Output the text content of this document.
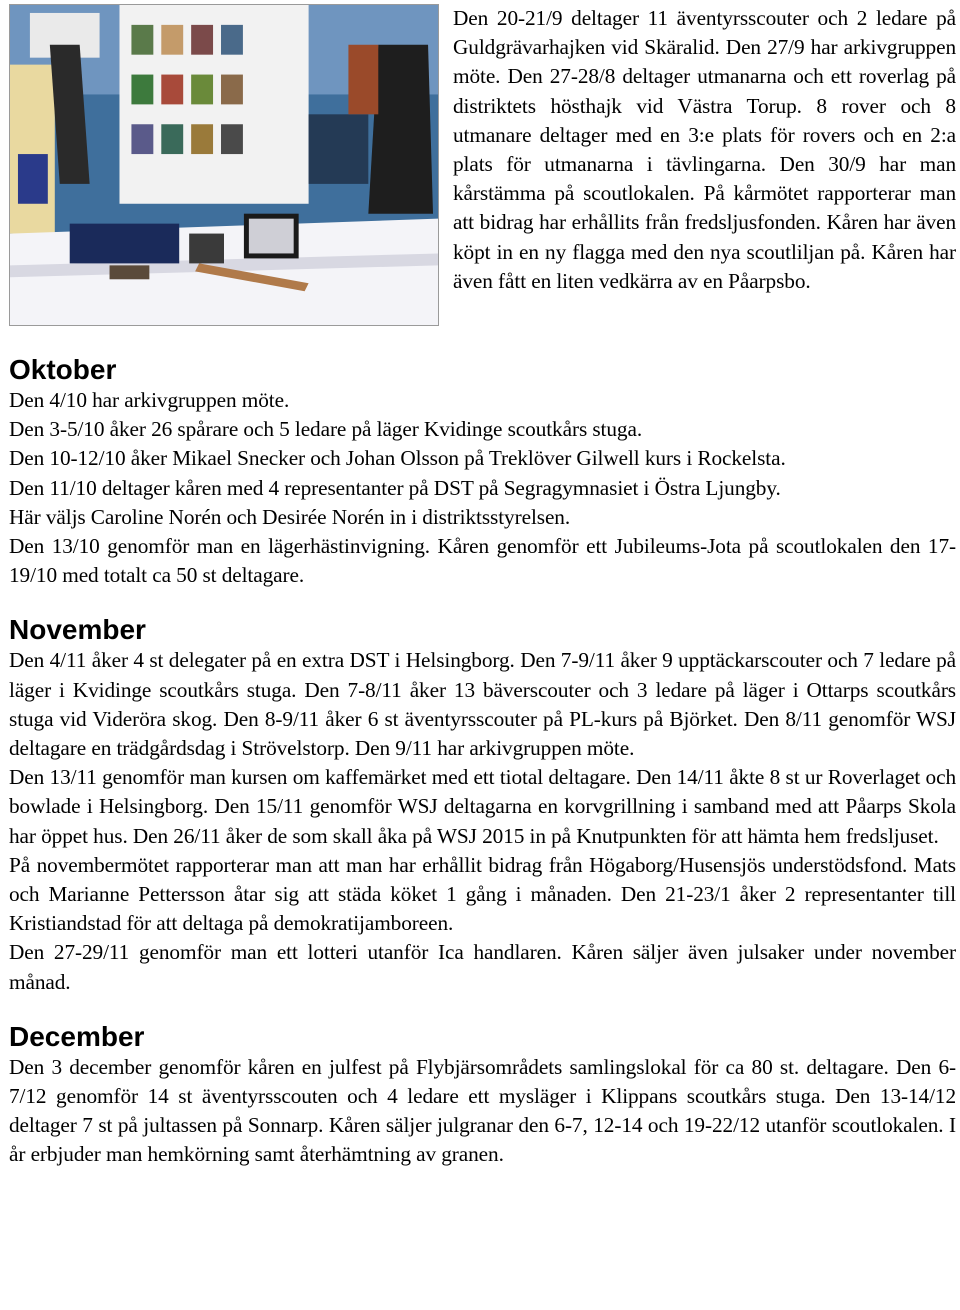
Den 20-21/9 deltager 11 äventyrsscouter och 2 ledare på Guldgrävarhajken vid Skäralid. Den 27/9 har arkivgruppen möte. Den 27-28/8 deltager utmanarna och ett roverlag på distriktets hösthajk vid Västra Torup. 8 rover och 8 utmanare deltager med en 3:e plats för rovers och en 2:a plats för utmanarna i tävlingarna. Den 30/9 har man kårstämma på scoutlokalen. På kårmötet rapporterar man att bidrag har erhållits från fredsljusfonden. Kåren har även köpt in en ny flagga med den nya scoutliljan på. Kåren har även fått en liten vedkärra av en Påarpsbo.

Oktober

Den 4/10 har arkivgruppen möte.

Den 3-5/10 åker 26 spårare och 5 ledare på läger Kvidinge scoutkårs stuga.

Den 10-12/10 åker Mikael Snecker och Johan Olsson på Treklöver Gilwell kurs i Rockelsta.

Den 11/10 deltager kåren med 4 representanter på DST på Segragymnasiet i Östra Ljungby.

Här väljs Caroline Norén och Desirée Norén in i distriktsstyrelsen.

Den 13/10 genomför man en lägerhästinvigning. Kåren genomför ett Jubileums-Jota på scoutlokalen den 17-19/10 med totalt ca 50 st deltagare.

November

Den 4/11 åker 4 st delegater på en extra DST i Helsingborg. Den 7-9/11 åker 9 upptäckarscouter och 7 ledare på läger i Kvidinge scoutkårs stuga. Den 7-8/11 åker 13 bäverscouter och 3 ledare på läger i Ottarps scoutkårs stuga vid Videröra skog. Den 8-9/11 åker 6 st äventyrsscouter på PL-kurs på Björket. Den 8/11 genomför WSJ deltagare en trädgårdsdag i Strövelstorp. Den 9/11 har arkivgruppen möte.

Den 13/11 genomför man kursen om kaffemärket med ett tiotal deltagare. Den 14/11 åkte 8 st ur Roverlaget och bowlade i Helsingborg. Den 15/11 genomför WSJ deltagarna en korvgrillning i samband med att Påarps Skola har öppet hus. Den 26/11 åker de som skall åka på WSJ 2015 in på Knutpunkten för att hämta hem fredsljuset.

På novembermötet rapporterar man att man har erhållit bidrag från Högaborg/Husensjös understödsfond. Mats och Marianne Pettersson åtar sig att städa köket 1 gång i månaden. Den 21-23/1 åker 2 representanter till Kristiandstad för att deltaga på demokratijamboreen.

Den 27-29/11 genomför man ett lotteri utanför Ica handlaren. Kåren säljer även julsaker under november månad.

December

Den 3 december genomför kåren en julfest på Flybjärsområdets samlingslokal för ca 80 st. deltagare. Den 6-7/12 genomför 14 st äventyrsscouten och 4 ledare ett mysläger i Klippans scoutkårs stuga. Den 13-14/12 deltager 7 st på jultassen på Sonnarp. Kåren säljer julgranar den 6-7, 12-14 och 19-22/12 utanför scoutlokalen. I år erbjuder man hemkörning samt återhämtning av granen.
